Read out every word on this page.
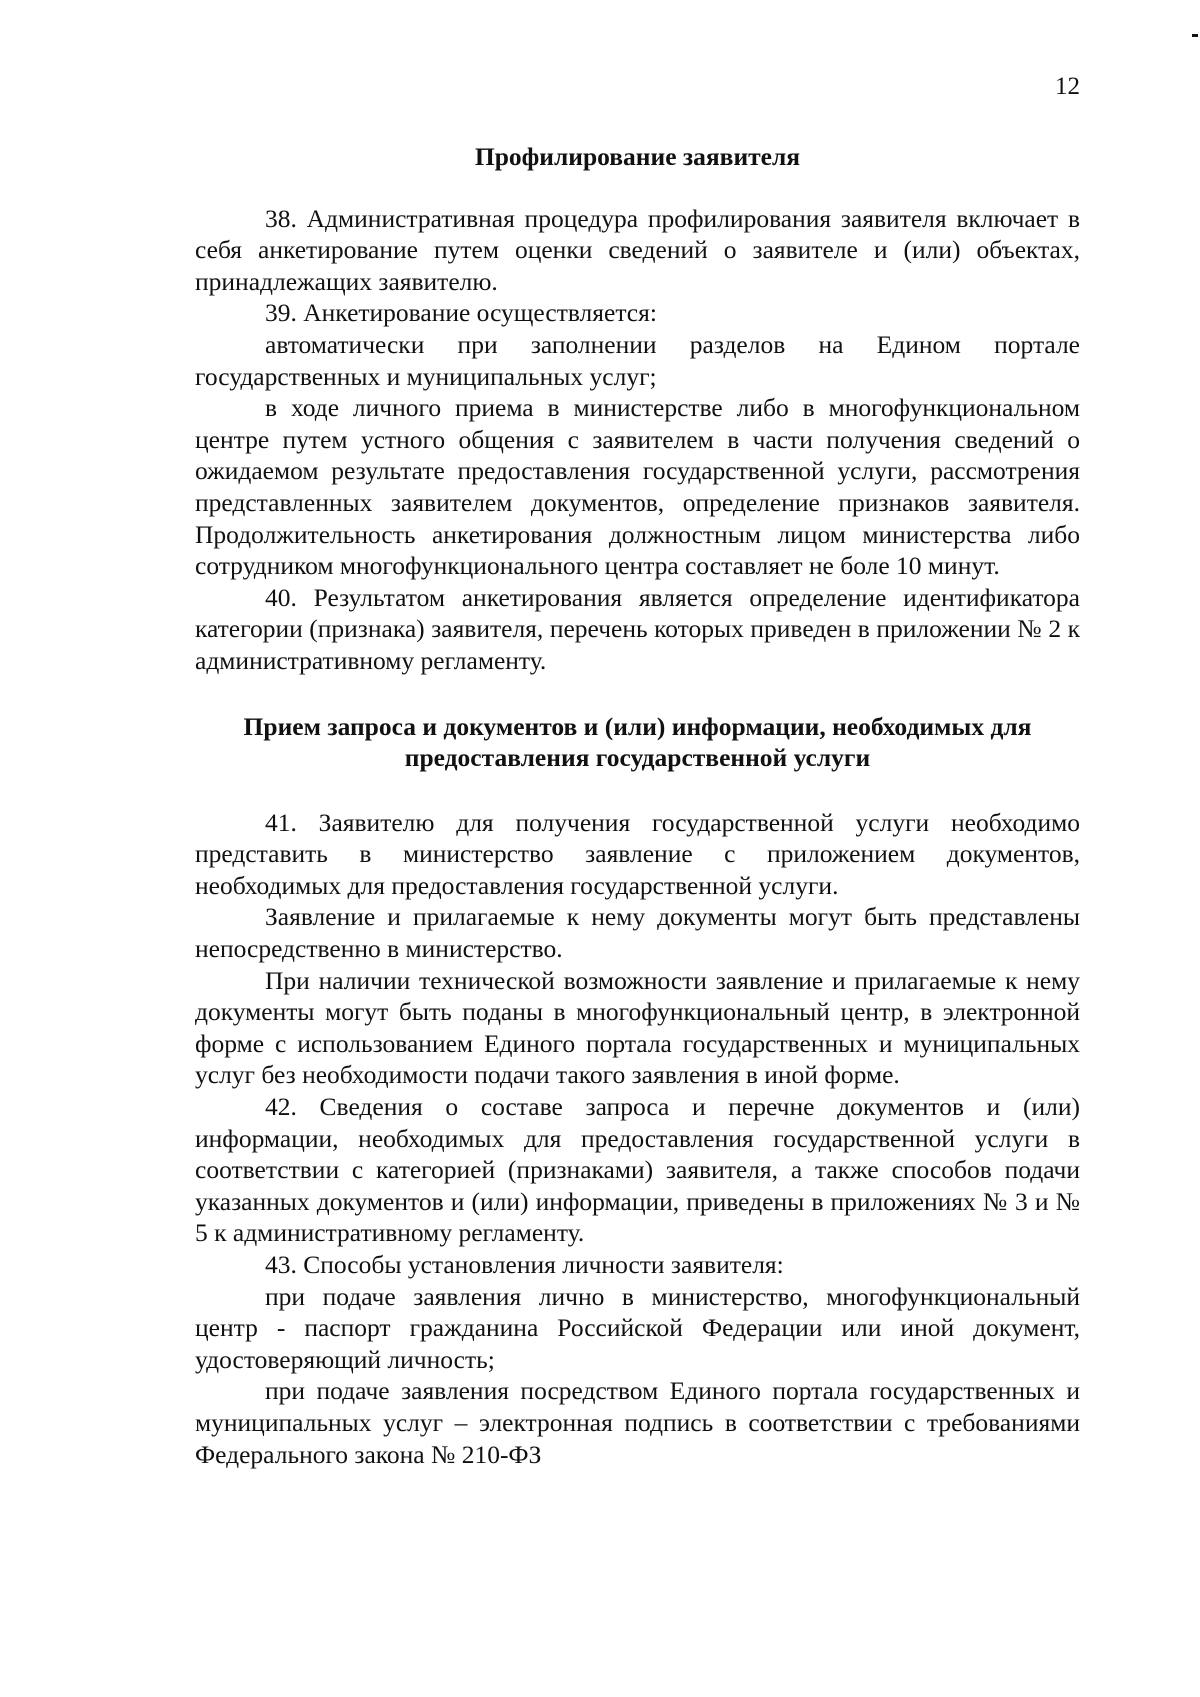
12
Профилирование заявителя

38. Административная процедура профилирования заявителя включает в себя анкетирование путем оценки сведений о заявителе и (или) объектах, принадлежащих заявителю.

39. Анкетирование осуществляется:

автоматически при заполнении разделов на Едином портале государственных и муниципальных услуг;

в ходе личного приема в министерстве либо в многофункциональном центре путем устного общения с заявителем в части получения сведений о ожидаемом результате предоставления государственной услуги, рассмотрения представленных заявителем документов, определение признаков заявителя. Продолжительность анкетирования должностным лицом министерства либо сотрудником многофункционального центра составляет не боле 10 минут.

40. Результатом анкетирования является определение идентификатора категории (признака) заявителя, перечень которых приведен в приложении № 2 к административному регламенту.

Прием запроса и документов и (или) информации, необходимых для
предоставления государственной услуги

41. Заявителю для получения государственной услуги необходимо представить в министерство заявление с приложением документов, необходимых для предоставления государственной услуги.

Заявление и прилагаемые к нему документы могут быть представлены непосредственно в министерство.

При наличии технической возможности заявление и прилагаемые к нему документы могут быть поданы в многофункциональный центр, в электронной форме с использованием Единого портала государственных и муниципальных услуг без необходимости подачи такого заявления в иной форме.

42. Сведения о составе запроса и перечне документов и (или) информации, необходимых для предоставления государственной услуги в соответствии с категорией (признаками) заявителя, а также способов подачи указанных документов и (или) информации, приведены в приложениях № 3 и № 5 к административному регламенту.

43. Способы установления личности заявителя:

при подаче заявления лично в министерство, многофункциональный центр - паспорт гражданина Российской Федерации или иной документ, удостоверяющий личность;

при подаче заявления посредством Единого портала государственных и муниципальных услуг – электронная подпись в соответствии с требованиями Федерального закона № 210-ФЗ
